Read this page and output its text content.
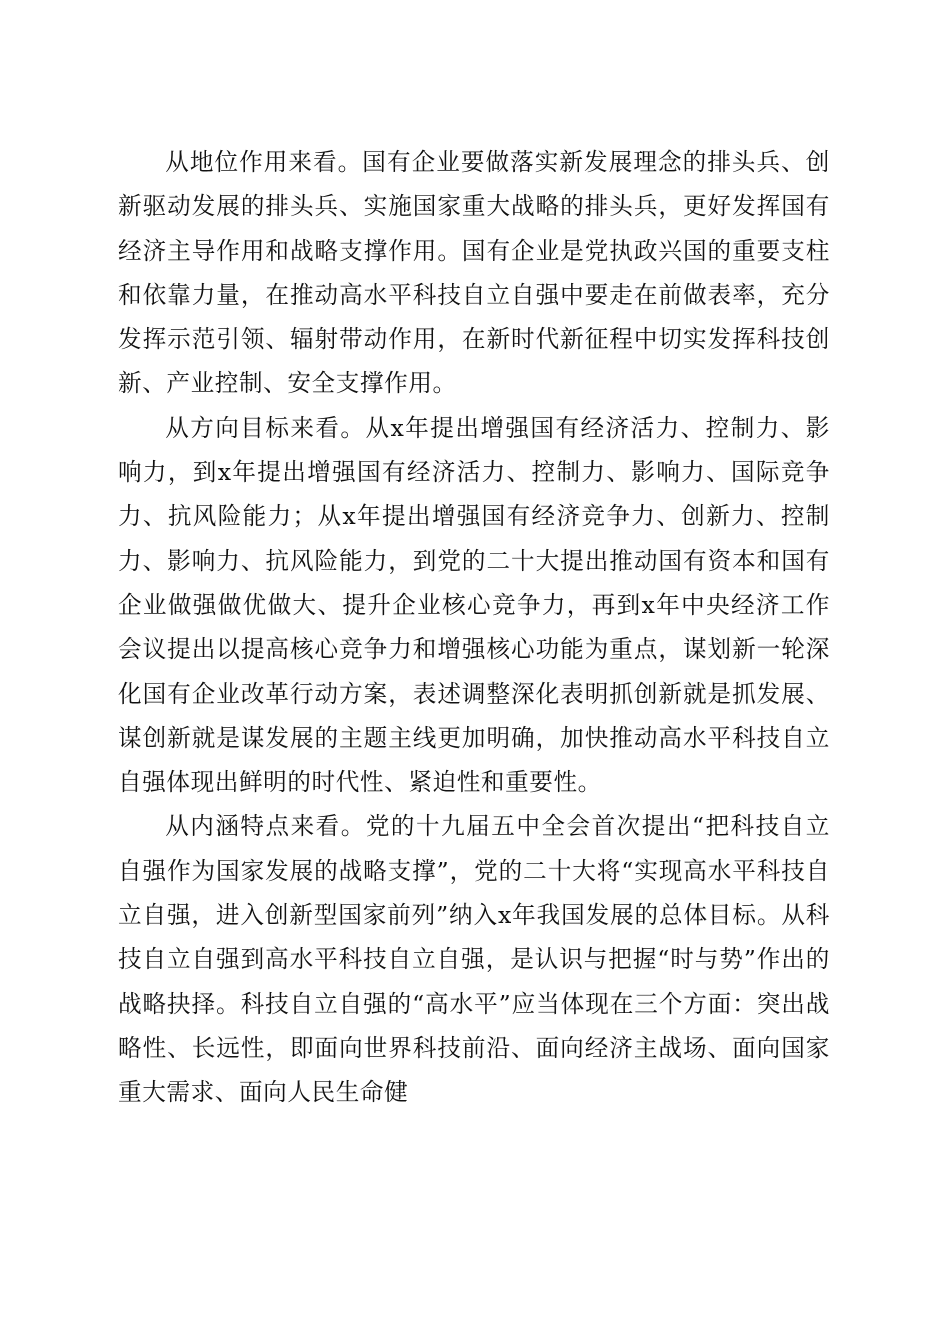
从地位作用来看。国有企业要做落实新发展理念的排头兵、创新驱动发展的排头兵、实施国家重大战略的排头兵，更好发挥国有经济主导作用和战略支撑作用。国有企业是党执政兴国的重要支柱和依靠力量，在推动高水平科技自立自强中要走在前做表率，充分发挥示范引领、辐射带动作用，在新时代新征程中切实发挥科技创新、产业控制、安全支撑作用。

从方向目标来看。从x年提出增强国有经济活力、控制力、影响力，到x年提出增强国有经济活力、控制力、影响力、国际竞争力、抗风险能力；从x年提出增强国有经济竞争力、创新力、控制力、影响力、抗风险能力，到党的二十大提出推动国有资本和国有企业做强做优做大、提升企业核心竞争力，再到x年中央经济工作会议提出以提高核心竞争力和增强核心功能为重点，谋划新一轮深化国有企业改革行动方案，表述调整深化表明抓创新就是抓发展、谋创新就是谋发展的主题主线更加明确，加快推动高水平科技自立自强体现出鲜明的时代性、紧迫性和重要性。

从内涵特点来看。党的十九届五中全会首次提出“把科技自立自强作为国家发展的战略支撑”，党的二十大将“实现高水平科技自立自强，进入创新型国家前列”纳入x年我国发展的总体目标。从科技自立自强到高水平科技自立自强，是认识与把握“时与势”作出的战略抉择。科技自立自强的“高水平”应当体现在三个方面：突出战略性、长远性，即面向世界科技前沿、面向经济主战场、面向国家重大需求、面向人民生命健
